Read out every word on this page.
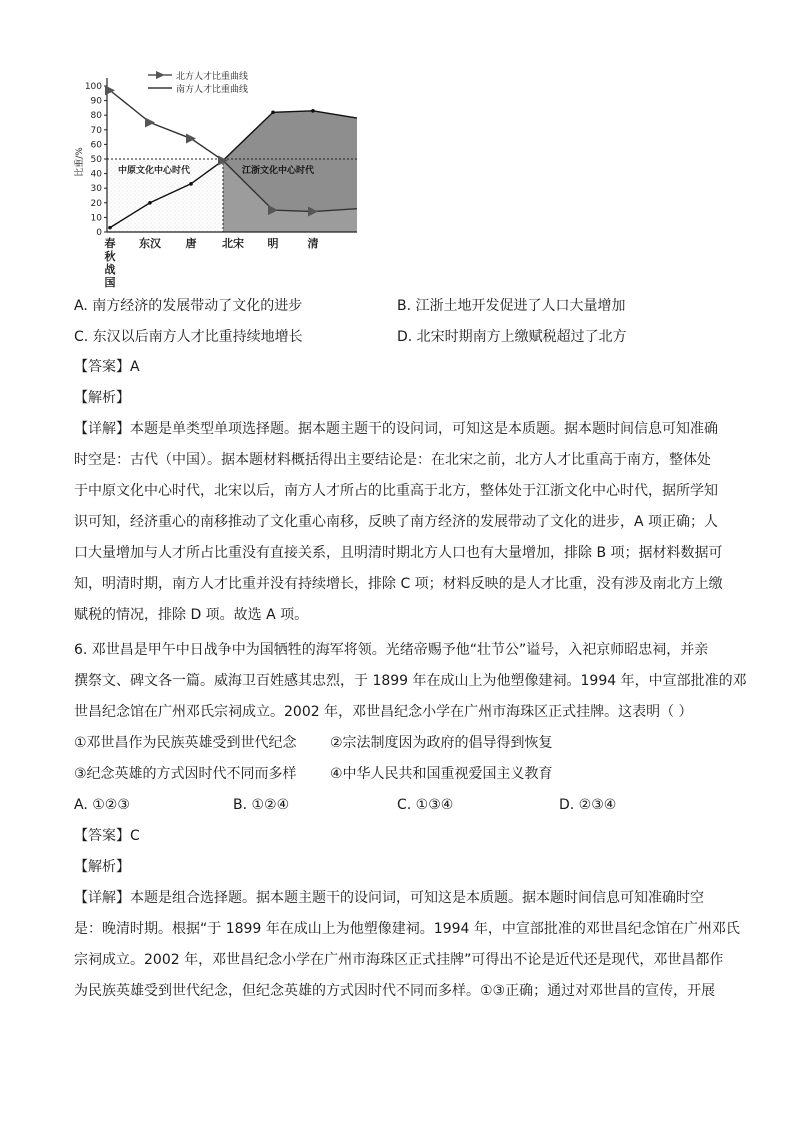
0
10
20
30
40
50
60
70
80
90
100
比重/%
春
秋
战
国
东汉 唐 北宋 明	清
中原文化中心时代	江浙文化中心时代
北方人才比重曲线
南方人才比重曲线
A. 南方经济的发展带动了文化的进步	B. 江浙土地开发促进了人口大量增加
C. 东汉以后南方人才比重持续地增长	D. 北宋时期南方上缴赋税超过了北方
【答案】A
【解析】
【详解】本题是单类型单项选择题。据本题主题干的设问词，可知这是本质题。据本题时间信息可知准确
时空是：古代（中国）。据本题材料概括得出主要结论是：在北宋之前，北方人才比重高于南方，整体处
于中原文化中心时代，北宋以后，南方人才所占的比重高于北方，整体处于江浙文化中心时代，据所学知
识可知，经济重心的南移推动了文化重心南移，反映了南方经济的发展带动了文化的进步，A 项正确；人
口大量增加与人才所占比重没有直接关系，且明清时期北方人口也有大量增加，排除 B 项；据材料数据可
知，明清时期，南方人才比重并没有持续增长，排除 C 项；材料反映的是人才比重，没有涉及南北方上缴
赋税的情况，排除 D 项。故选 A 项。
6. 邓世昌是甲午中日战争中为国牺牲的海军将领。光绪帝赐予他“壮节公”谥号，入祀京师昭忠祠，并亲
撰祭文、碑文各一篇。威海卫百姓感其忠烈，于 1899 年在成山上为他塑像建祠。1994 年，中宣部批准的邓
世昌纪念馆在广州邓氏宗祠成立。2002 年，邓世昌纪念小学在广州市海珠区正式挂牌。这表明（ ）
①邓世昌作为民族英雄受到世代纪念 ②宗法制度因为政府的倡导得到恢复
③纪念英雄的方式因时代不同而多样 ④中华人民共和国重视爱国主义教育
A. ①②③	B. ①②④	C. ①③④	D. ②③④
【答案】C
【解析】
【详解】本题是组合选择题。据本题主题干的设问词，可知这是本质题。据本题时间信息可知准确时空
是：晚清时期。根据“于 1899 年在成山上为他塑像建祠。1994 年，中宣部批准的邓世昌纪念馆在广州邓氏
宗祠成立。2002 年，邓世昌纪念小学在广州市海珠区正式挂牌”可得出不论是近代还是现代，邓世昌都作
为民族英雄受到世代纪念，但纪念英雄的方式因时代不同而多样。①③正确；通过对邓世昌的宣传，开展
